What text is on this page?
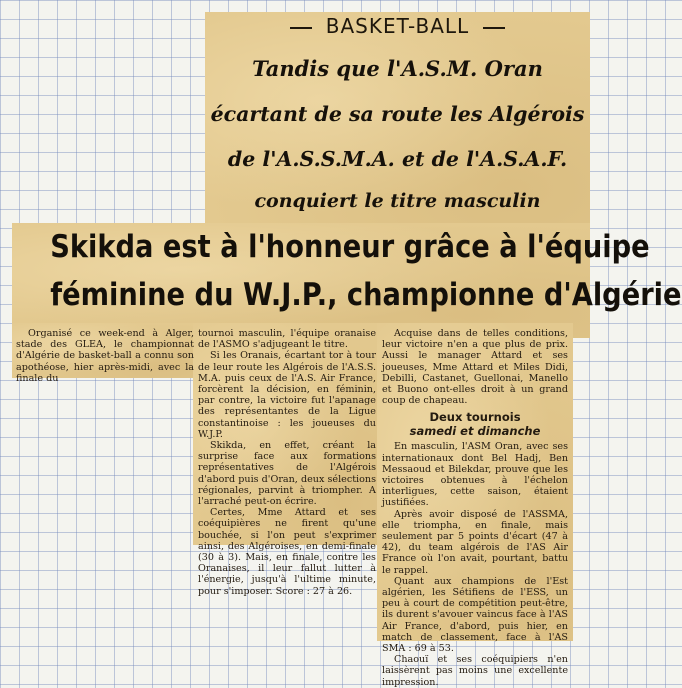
BASKET-BALL
Tandis que l'A.S.M. Oran
écartant de sa route les Algérois
de l'A.S.S.M.A. et de l'A.S.A.F.
conquiert le titre masculin
Skikda est à l'honneur grâce à l'équipe
féminine du W.J.P., championne d'Algérie

Organisé ce week-end à Alger, stade des GLEA, le championnat d'Algérie de basket-ball a connu son apothéose, hier après-midi, avec la finale du

tournoi masculin, l'équipe oranaise de l'ASMO s'adjugeant le titre.

Si les Oranais, écartant tor à tour de leur route les Algérois de l'A.S.S. M.A. puis ceux de l'A.S. Air France, forcèrent la décision, en féminin, par contre, la victoire fut l'apanage des représentantes de la Ligue constantinoise : les joueuses du W.J.P.

Skikda, en effet, créant la surprise face aux formations représentatives de l'Algérois d'abord puis d'Oran, deux sélections régionales, parvint à triompher. A l'arraché peut-on écrire.

Certes, Mme Attard et ses coéquipières ne firent qu'une bouchée, si l'on peut s'exprimer ainsi, des Algéroises, en demi-finale (30 à 3). Mais, en finale, contre les Oranaises, il leur fallut lutter à l'énergie, jusqu'à l'ultime minute, pour s'imposer. Score : 27 à 26.

Acquise dans de telles conditions, leur victoire n'en a que plus de prix. Aussi le manager Attard et ses joueuses, Mme Attard et Miles Didi, Debilli, Castanet, Guellonai, Manello et Buono ont-elles droit à un grand coup de chapeau.

Deux tournois
samedi et dimanche

En masculin, l'ASM Oran, avec ses internationaux dont Bel Hadj, Ben Messaoud et Bilekdar, prouve que les victoires obtenues à l'échelon interligues, cette saison, étaient justifiées.

Après avoir disposé de l'ASSMA, elle triompha, en finale, mais seulement par 5 points d'écart (47 à 42), du team algérois de l'AS Air France où l'on avait, pourtant, battu le rappel.

Quant aux champions de l'Est algérien, les Sétifiens de l'ESS, un peu à court de compétition peut-être, ils durent s'avouer vaincus face à l'AS Air France, d'abord, puis hier, en match de classement, face à l'AS SMA : 69 à 53.

Chaouï et ses coéquipiers n'en laissèrent pas moins une excellente impression.
